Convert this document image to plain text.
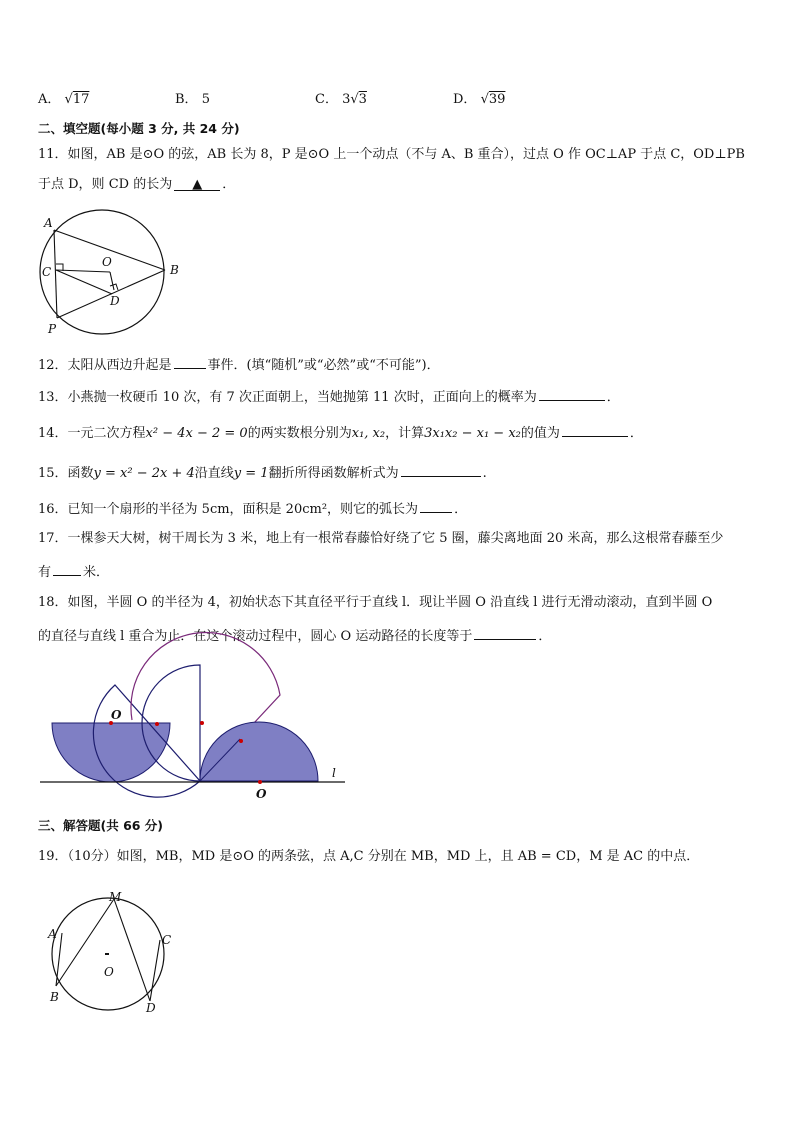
A． √17	B． 5	C． 3√3	D． √39
二、填空题(每小题 3 分, 共 24 分)
11．如图，AB 是⊙O 的弦，AB 长为 8，P 是⊙O 上一个动点（不与 A、B 重合），过点 O 作 OC⊥AP 于点 C，OD⊥PB
于点 D，则 CD 的长为 ▲ ．
A
C
O
D
B
P
12．太阳从西边升起是	事件．(填“随机”或“必然”或“不可能”)．
13．小燕抛一枚硬币 10 次，有 7 次正面朝上，当她抛第 11 次时，正面向上的概率为	．
14．一元二次方程x² − 4x − 2 = 0的两实数根分别为x₁, x₂，计算3x₁x₂ − x₁ − x₂的值为	．
15．函数y = x² − 2x + 4沿直线y = 1翻折所得函数解析式为	.
16．已知一个扇形的半径为 5cm，面积是 20cm²，则它的弧长为	．
17．一棵参天大树，树干周长为 3 米，地上有一根常春藤恰好绕了它 5 圈，藤尖离地面 20 米高，那么这根常春藤至少
有 米．
18．如图，半圆 O 的半径为 4，初始状态下其直径平行于直线 l．现让半圆 O 沿直线 l 进行无滑动滚动，直到半圆 O
的直径与直线 l 重合为止．在这个滚动过程中，圆心 O 运动路径的长度等于	．
O
O
l
三、解答题(共 66 分)
19．（10分）如图，MB，MD 是⊙O 的两条弦，点 A,C 分别在 MB，MD 上，且 AB = CD，M 是 AC 的中点．
M
A
B
C
D
O
